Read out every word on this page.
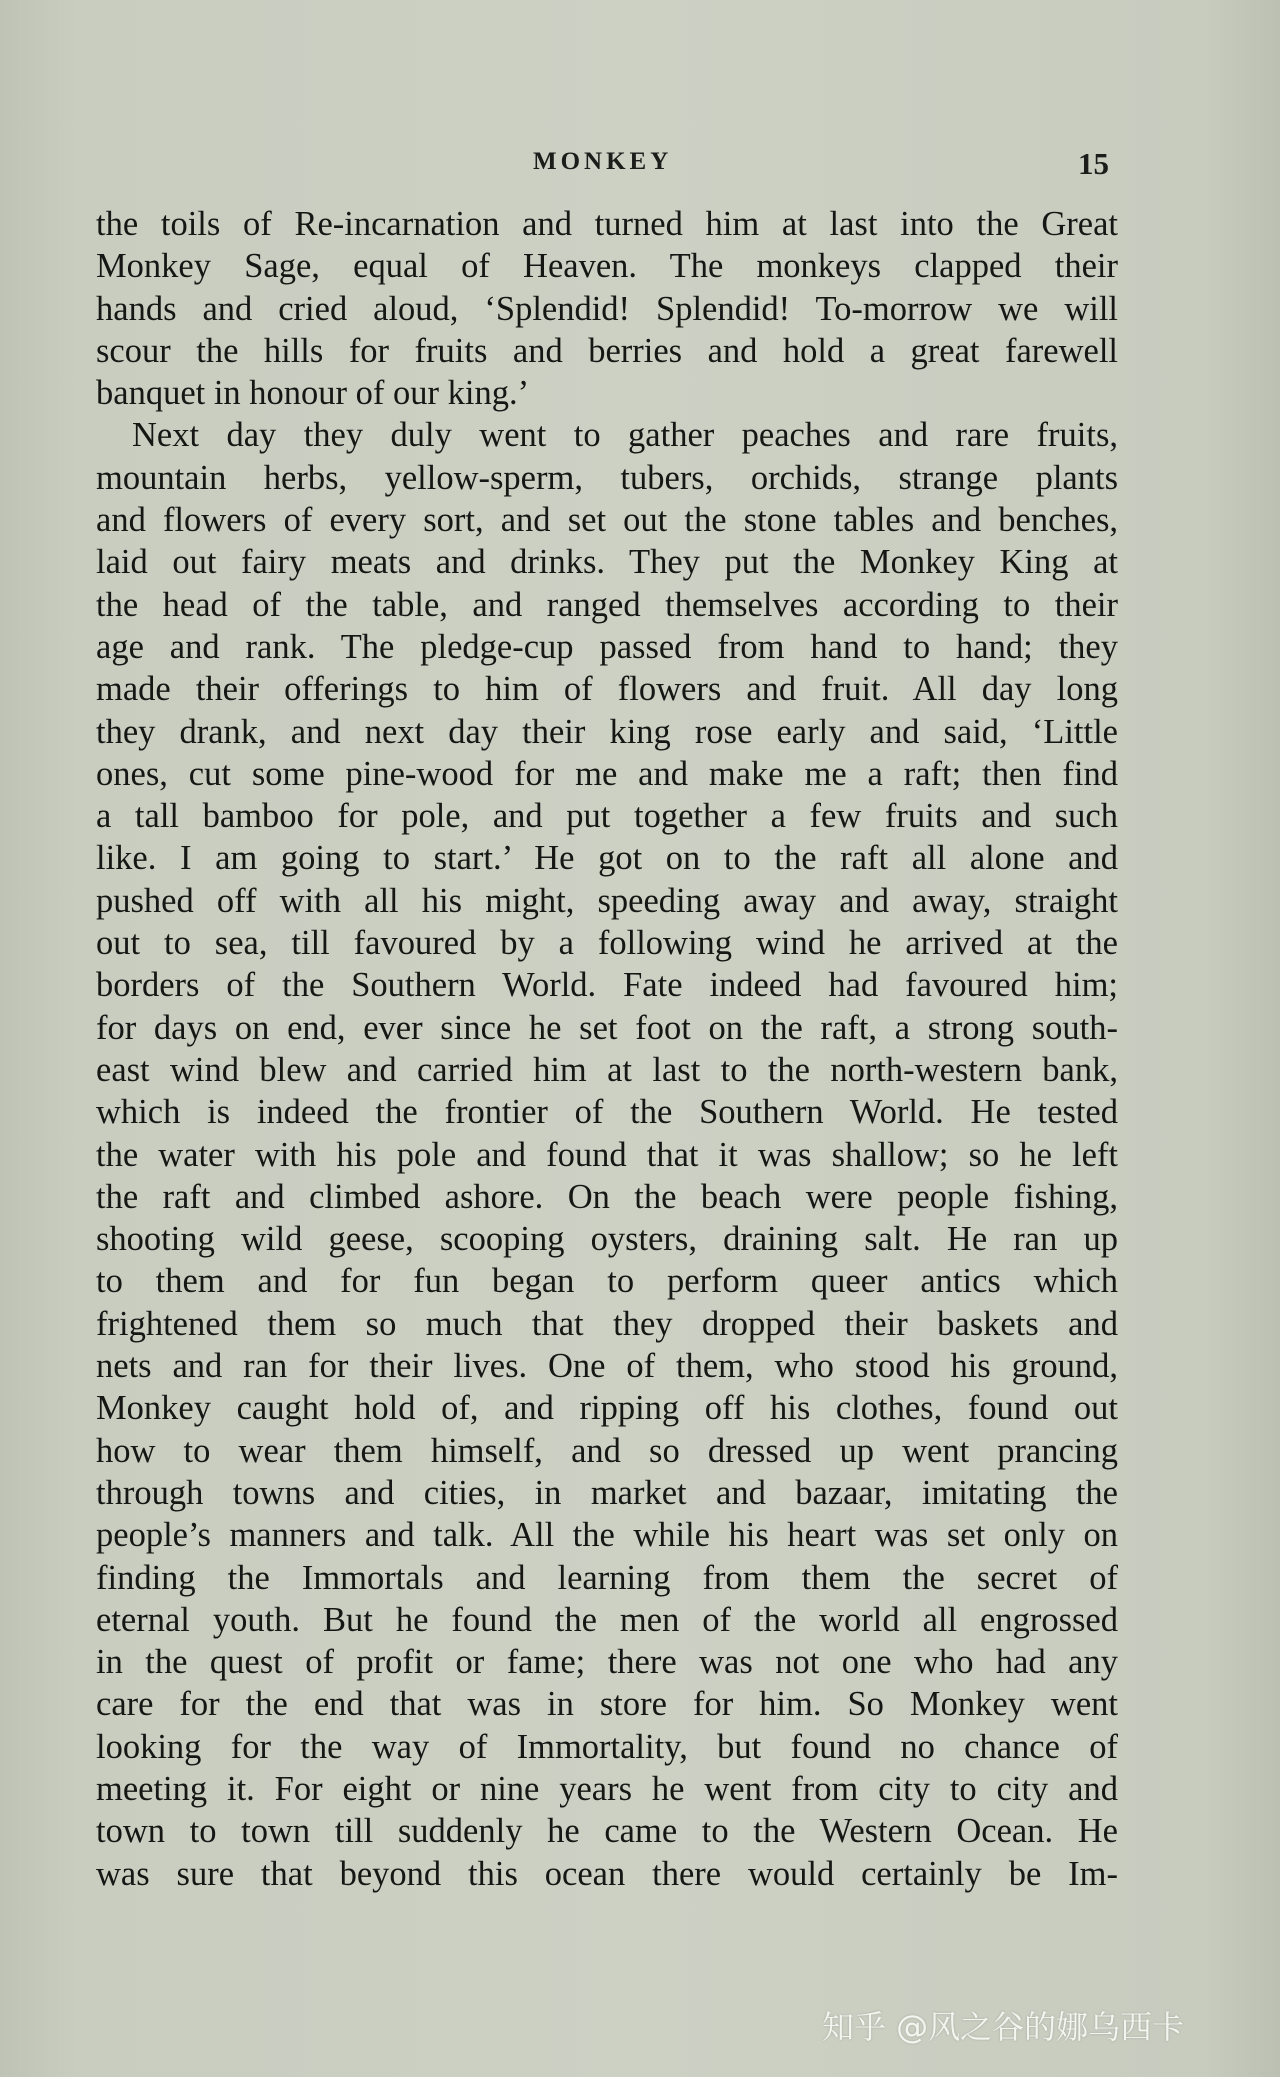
MONKEY	15
the toils of Re-incarnation and turned him at last into the Great
Monkey Sage, equal of Heaven. The monkeys clapped their
hands and cried aloud, ‘Splendid! Splendid! To-morrow we will
scour the hills for fruits and berries and hold a great farewell
banquet in honour of our king.’
Next day they duly went to gather peaches and rare fruits,
mountain herbs, yellow-sperm, tubers, orchids, strange plants
and flowers of every sort, and set out the stone tables and benches,
laid out fairy meats and drinks. They put the Monkey King at
the head of the table, and ranged themselves according to their
age and rank. The pledge-cup passed from hand to hand; they
made their offerings to him of flowers and fruit. All day long
they drank, and next day their king rose early and said, ‘Little
ones, cut some pine-wood for me and make me a raft; then find
a tall bamboo for pole, and put together a few fruits and such
like. I am going to start.’ He got on to the raft all alone and
pushed off with all his might, speeding away and away, straight
out to sea, till favoured by a following wind he arrived at the
borders of the Southern World. Fate indeed had favoured him;
for days on end, ever since he set foot on the raft, a strong south-
east wind blew and carried him at last to the north-western bank,
which is indeed the frontier of the Southern World. He tested
the water with his pole and found that it was shallow; so he left
the raft and climbed ashore. On the beach were people fishing,
shooting wild geese, scooping oysters, draining salt. He ran up
to them and for fun began to perform queer antics which
frightened them so much that they dropped their baskets and
nets and ran for their lives. One of them, who stood his ground,
Monkey caught hold of, and ripping off his clothes, found out
how to wear them himself, and so dressed up went prancing
through towns and cities, in market and bazaar, imitating the
people’s manners and talk. All the while his heart was set only on
finding the Immortals and learning from them the secret of
eternal youth. But he found the men of the world all engrossed
in the quest of profit or fame; there was not one who had any
care for the end that was in store for him. So Monkey went
looking for the way of Immortality, but found no chance of
meeting it. For eight or nine years he went from city to city and
town to town till suddenly he came to the Western Ocean. He
was sure that beyond this ocean there would certainly be Im-
知乎 @风之谷的娜乌西卡
